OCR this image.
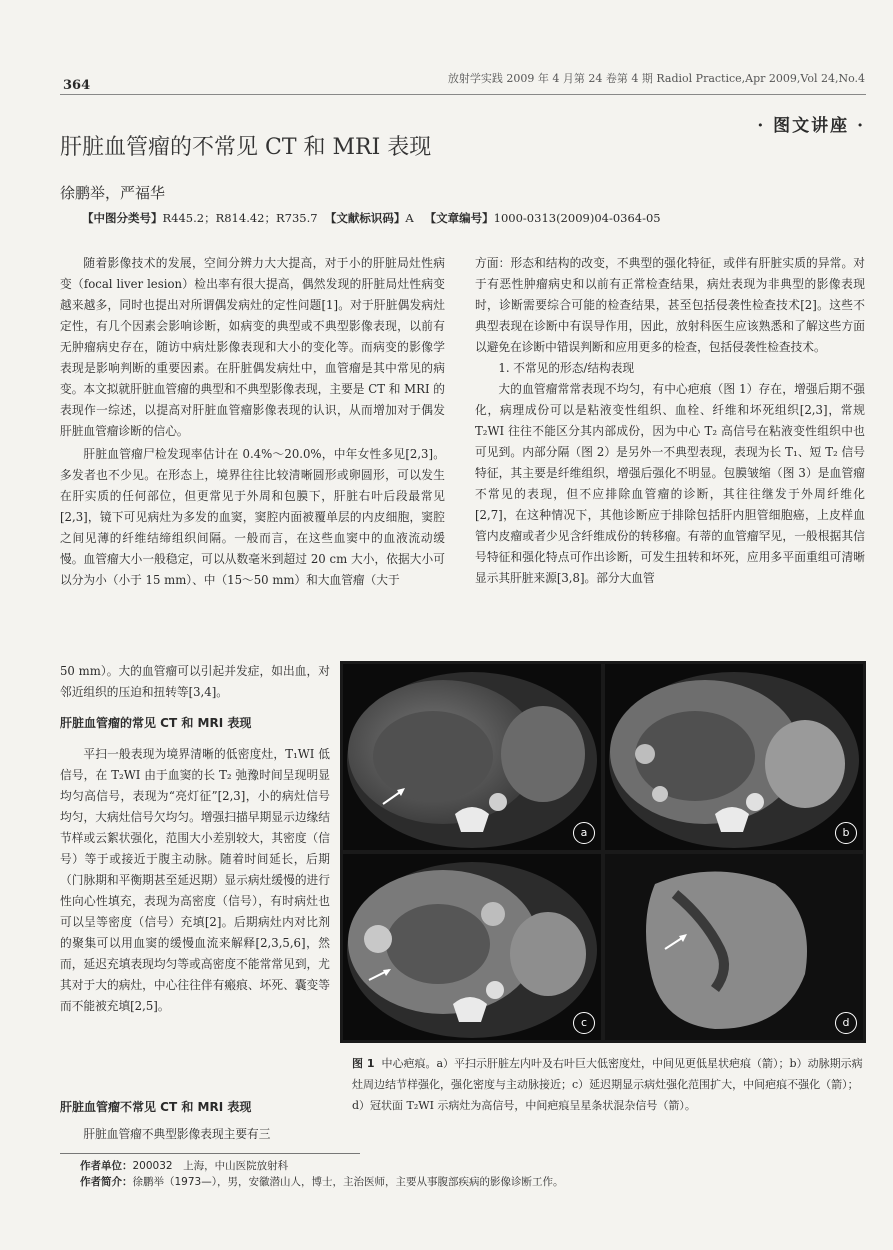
364	放射学实践 2009 年 4 月第 24 卷第 4 期 Radiol Practice,Apr 2009,Vol 24,No.4
· 图文讲座 ·
肝脏血管瘤的不常见 CT 和 MRI 表现
徐鹏举，严福华
【中图分类号】R445.2；R814.42；R735.7 【文献标识码】A 【文章编号】1000-0313(2009)04-0364-05

随着影像技术的发展，空间分辨力大大提高，对于小的肝脏局灶性病变（focal liver lesion）检出率有很大提高，偶然发现的肝脏局灶性病变越来越多，同时也提出对所谓偶发病灶的定性问题[1]。对于肝脏偶发病灶定性，有几个因素会影响诊断，如病变的典型或不典型影像表现，以前有无肿瘤病史存在，随访中病灶影像表现和大小的变化等。而病变的影像学表现是影响判断的重要因素。在肝脏偶发病灶中，血管瘤是其中常见的病变。本文拟就肝脏血管瘤的典型和不典型影像表现，主要是 CT 和 MRI 的表现作一综述，以提高对肝脏血管瘤影像表现的认识，从而增加对于偶发肝脏血管瘤诊断的信心。

肝脏血管瘤尸检发现率估计在 0.4%～20.0%，中年女性多见[2,3]。多发者也不少见。在形态上，境界往往比较清晰圆形或卵圆形，可以发生在肝实质的任何部位，但更常见于外周和包膜下，肝脏右叶后段最常见[2,3]，镜下可见病灶为多发的血窦，窦腔内面被覆单层的内皮细胞，窦腔之间见薄的纤维结缔组织间隔。一般而言，在这些血窦中的血液流动缓慢。血管瘤大小一般稳定，可以从数毫米到超过 20 cm 大小，依据大小可以分为小（小于 15 mm）、中（15～50 mm）和大血管瘤（大于

50 mm）。大的血管瘤可以引起并发症，如出血，对邻近组织的压迫和扭转等[3,4]。
肝脏血管瘤的常见 CT 和 MRI 表现

平扫一般表现为境界清晰的低密度灶，T₁WI 低信号，在 T₂WI 由于血窦的长 T₂ 弛豫时间呈现明显均匀高信号，表现为“亮灯征”[2,3]，小的病灶信号均匀，大病灶信号欠均匀。增强扫描早期显示边缘结节样或云絮状强化，范围大小差别较大，其密度（信号）等于或接近于腹主动脉。随着时间延长，后期（门脉期和平衡期甚至延迟期）显示病灶缓慢的进行性向心性填充，表现为高密度（信号），有时病灶也可以呈等密度（信号）充填[2]。后期病灶内对比剂的聚集可以用血窦的缓慢血流来解释[2,3,5,6]，然而，延迟充填表现均匀等或高密度不能常常见到，尤其对于大的病灶，中心往往伴有瘢痕、坏死、囊变等而不能被充填[2,5]。

肝脏血管瘤不常见 CT 和 MRI 表现

肝脏血管瘤不典型影像表现主要有三

方面：形态和结构的改变，不典型的强化特征，或伴有肝脏实质的异常。对于有恶性肿瘤病史和以前有正常检查结果，病灶表现为非典型的影像表现时，诊断需要综合可能的检查结果，甚至包括侵袭性检查技术[2]。这些不典型表现在诊断中有误导作用，因此，放射科医生应该熟悉和了解这些方面以避免在诊断中错误判断和应用更多的检查，包括侵袭性检查技术。

1. 不常见的形态/结构表现

大的血管瘤常常表现不均匀，有中心疤痕（图 1）存在，增强后期不强化，病理成份可以是粘液变性组织、血栓、纤维和坏死组织[2,3]，常规 T₂WI 往往不能区分其内部成份，因为中心 T₂ 高信号在粘液变性组织中也可见到。内部分隔（图 2）是另外一不典型表现，表现为长 T₁、短 T₂ 信号特征，其主要是纤维组织，增强后强化不明显。包膜皱缩（图 3）是血管瘤不常见的表现，但不应排除血管瘤的诊断，其往往继发于外周纤维化[2,7]，在这种情况下，其他诊断应于排除包括肝内胆管细胞癌，上皮样血管内皮瘤或者少见含纤维成份的转移瘤。有蒂的血管瘤罕见，一般根据其信号特征和强化特点可作出诊断，可发生扭转和坏死，应用多平面重组可清晰显示其肝脏来源[3,8]。部分大血管

a	b
c	d
图 1 中心疤痕。a）平扫示肝脏左内叶及右叶巨大低密度灶，中间见更低星状疤痕（箭）；b）动脉期示病灶周边结节样强化，强化密度与主动脉接近；c）延迟期显示病灶强化范围扩大，中间疤痕不强化（箭）；d）冠状面 T₂WI 示病灶为高信号，中间疤痕呈星条状混杂信号（箭）。
作者单位：200032　上海，中山医院放射科
作者简介：徐鹏举（1973—），男，安徽潜山人，博士，主治医师，主要从事腹部疾病的影像诊断工作。
